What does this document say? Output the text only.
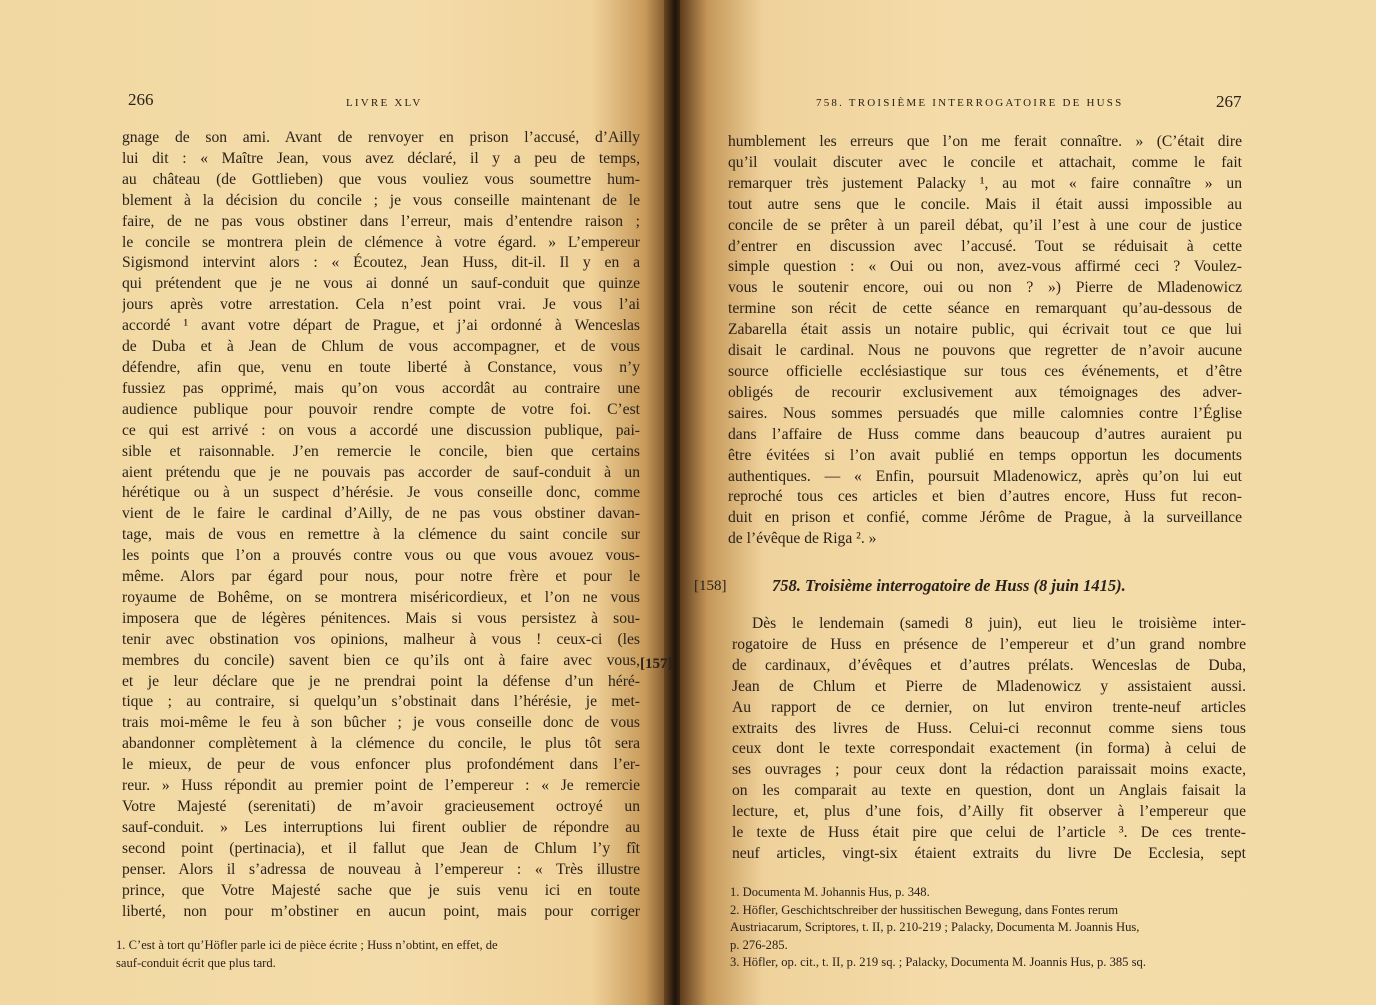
266	LIVRE XLV
gnage de son ami. Avant de renvoyer en prison l’accusé, d’Ailly
lui dit : « Maître Jean, vous avez déclaré, il y a peu de temps,
au château (de Gottlieben) que vous vouliez vous soumettre hum-
blement à la décision du concile ; je vous conseille maintenant de le
faire, de ne pas vous obstiner dans l’erreur, mais d’entendre raison ;
le concile se montrera plein de clémence à votre égard. » L’empereur
Sigismond intervint alors : « Écoutez, Jean Huss, dit-il. Il y en a
qui prétendent que je ne vous ai donné un sauf-conduit que quinze
jours après votre arrestation. Cela n’est point vrai. Je vous l’ai
accordé ¹ avant votre départ de Prague, et j’ai ordonné à Wenceslas
de Duba et à Jean de Chlum de vous accompagner, et de vous
défendre, afin que, venu en toute liberté à Constance, vous n’y
fussiez pas opprimé, mais qu’on vous accordât au contraire une
audience publique pour pouvoir rendre compte de votre foi. C’est
ce qui est arrivé : on vous a accordé une discussion publique, pai-
sible et raisonnable. J’en remercie le concile, bien que certains
aient prétendu que je ne pouvais pas accorder de sauf-conduit à un
hérétique ou à un suspect d’hérésie. Je vous conseille donc, comme
vient de le faire le cardinal d’Ailly, de ne pas vous obstiner davan-
tage, mais de vous en remettre à la clémence du saint concile sur
les points que l’on a prouvés contre vous ou que vous avouez vous-
même. Alors par égard pour nous, pour notre frère et pour le
royaume de Bohême, on se montrera miséricordieux, et l’on ne vous
imposera que de légères pénitences. Mais si vous persistez à sou-
tenir avec obstination vos opinions, malheur à vous ! ceux-ci (les
membres du concile) savent bien ce qu’ils ont à faire avec vous,
et je leur déclare que je ne prendrai point la défense d’un héré-
tique ; au contraire, si quelqu’un s’obstinait dans l’hérésie, je met-
trais moi-même le feu à son bûcher ; je vous conseille donc de vous
abandonner complètement à la clémence du concile, le plus tôt sera
le mieux, de peur de vous enfoncer plus profondément dans l’er-
reur. » Huss répondit au premier point de l’empereur : « Je remercie
Votre Majesté (serenitati) de m’avoir gracieusement octroyé un
sauf-conduit. » Les interruptions lui firent oublier de répondre au
second point (pertinacia), et il fallut que Jean de Chlum l’y fît
penser. Alors il s’adressa de nouveau à l’empereur : « Très illustre
prince, que Votre Majesté sache que je suis venu ici en toute
liberté, non pour m’obstiner en aucun point, mais pour corriger
1. C’est à tort qu’Höfler parle ici de pièce écrite ; Huss n’obtint, en effet, de
sauf-conduit écrit que plus tard.
[157]
758. TROISIÈME INTERROGATOIRE DE HUSS	267
humblement les erreurs que l’on me ferait connaître. » (C’était dire
qu’il voulait discuter avec le concile et attachait, comme le fait
remarquer très justement Palacky ¹, au mot « faire connaître » un
tout autre sens que le concile. Mais il était aussi impossible au
concile de se prêter à un pareil débat, qu’il l’est à une cour de justice
d’entrer en discussion avec l’accusé. Tout se réduisait à cette
simple question : « Oui ou non, avez-vous affirmé ceci ? Voulez-
vous le soutenir encore, oui ou non ? ») Pierre de Mladenowicz
termine son récit de cette séance en remarquant qu’au-dessous de
Zabarella était assis un notaire public, qui écrivait tout ce que lui
disait le cardinal. Nous ne pouvons que regretter de n’avoir aucune
source officielle ecclésiastique sur tous ces événements, et d’être
obligés de recourir exclusivement aux témoignages des adver-
saires. Nous sommes persuadés que mille calomnies contre l’Église
dans l’affaire de Huss comme dans beaucoup d’autres auraient pu
être évitées si l’on avait publié en temps opportun les documents
authentiques. — « Enfin, poursuit Mladenowicz, après qu’on lui eut
reproché tous ces articles et bien d’autres encore, Huss fut recon-
duit en prison et confié, comme Jérôme de Prague, à la surveillance
de l’évêque de Riga ². »
Dès le lendemain (samedi 8 juin), eut lieu le troisième inter-
rogatoire de Huss en présence de l’empereur et d’un grand nombre
de cardinaux, d’évêques et d’autres prélats. Wenceslas de Duba,
Jean de Chlum et Pierre de Mladenowicz y assistaient aussi.
Au rapport de ce dernier, on lut environ trente-neuf articles
extraits des livres de Huss. Celui-ci reconnut comme siens tous
ceux dont le texte correspondait exactement (in forma) à celui de
ses ouvrages ; pour ceux dont la rédaction paraissait moins exacte,
on les comparait au texte en question, dont un Anglais faisait la
lecture, et, plus d’une fois, d’Ailly fit observer à l’empereur que
le texte de Huss était pire que celui de l’article ³. De ces trente-
neuf articles, vingt-six étaient extraits du livre De Ecclesia, sept
1. Documenta M. Johannis Hus, p. 348.
2. Höfler, Geschichtschreiber der hussitischen Bewegung, dans Fontes rerum
Austriacarum, Scriptores, t. II, p. 210-219 ; Palacky, Documenta M. Joannis Hus,
p. 276-285.
3. Höfler, op. cit., t. II, p. 219 sq. ; Palacky, Documenta M. Joannis Hus, p. 385 sq.
[158]	758. Troisième interrogatoire de Huss (8 juin 1415).
